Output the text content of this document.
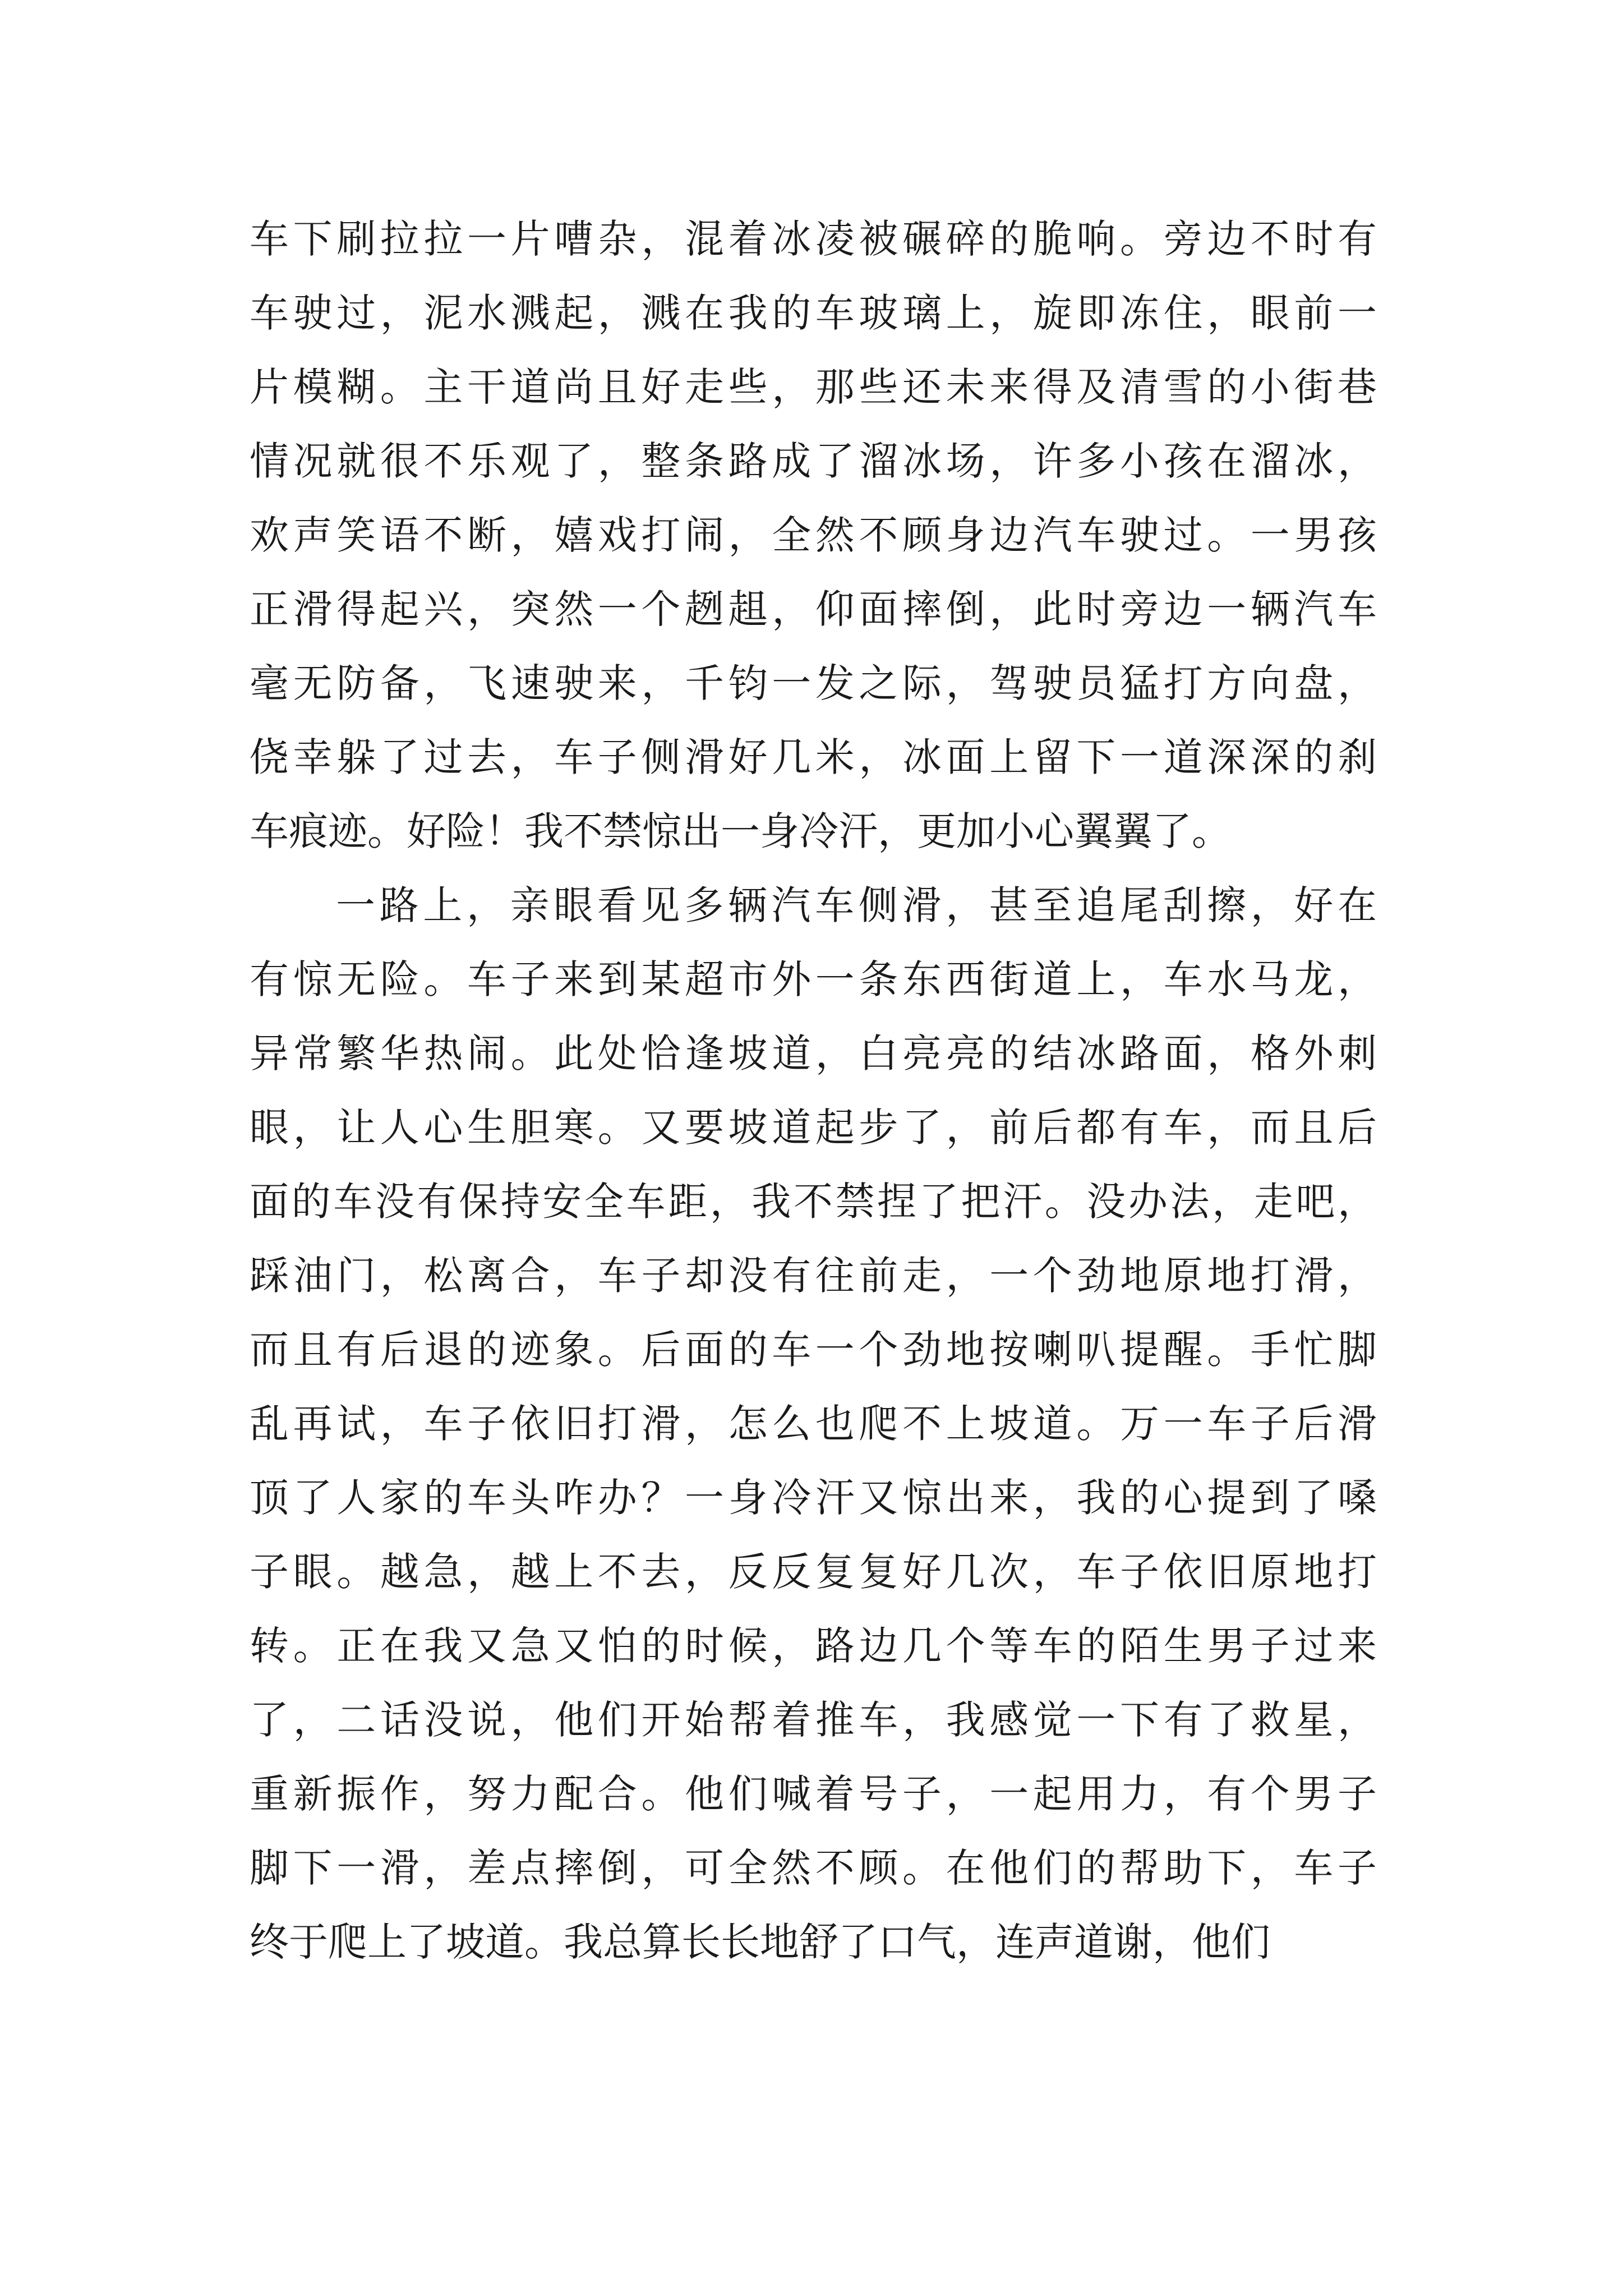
车下刷拉拉一片嘈杂，混着冰凌被碾碎的脆响。旁边不时有
车驶过，泥水溅起，溅在我的车玻璃上，旋即冻住，眼前一
片模糊。主干道尚且好走些，那些还未来得及清雪的小街巷
情况就很不乐观了，整条路成了溜冰场，许多小孩在溜冰，
欢声笑语不断，嬉戏打闹，全然不顾身边汽车驶过。一男孩
正滑得起兴，突然一个趔趄，仰面摔倒，此时旁边一辆汽车
毫无防备，飞速驶来，千钧一发之际，驾驶员猛打方向盘，
侥幸躲了过去，车子侧滑好几米，冰面上留下一道深深的刹
车痕迹。好险！我不禁惊出一身冷汗，更加小心翼翼了。
一路上，亲眼看见多辆汽车侧滑，甚至追尾刮擦，好在
有惊无险。车子来到某超市外一条东西街道上，车水马龙，
异常繁华热闹。此处恰逢坡道，白亮亮的结冰路面，格外刺
眼，让人心生胆寒。又要坡道起步了，前后都有车，而且后
面的车没有保持安全车距，我不禁捏了把汗。没办法，走吧，
踩油门，松离合，车子却没有往前走，一个劲地原地打滑，
而且有后退的迹象。后面的车一个劲地按喇叭提醒。手忙脚
乱再试，车子依旧打滑，怎么也爬不上坡道。万一车子后滑
顶了人家的车头咋办？一身冷汗又惊出来，我的心提到了嗓
子眼。越急，越上不去，反反复复好几次，车子依旧原地打
转。正在我又急又怕的时候，路边几个等车的陌生男子过来
了，二话没说，他们开始帮着推车，我感觉一下有了救星，
重新振作，努力配合。他们喊着号子，一起用力，有个男子
脚下一滑，差点摔倒，可全然不顾。在他们的帮助下，车子
终于爬上了坡道。我总算长长地舒了口气，连声道谢，他们
